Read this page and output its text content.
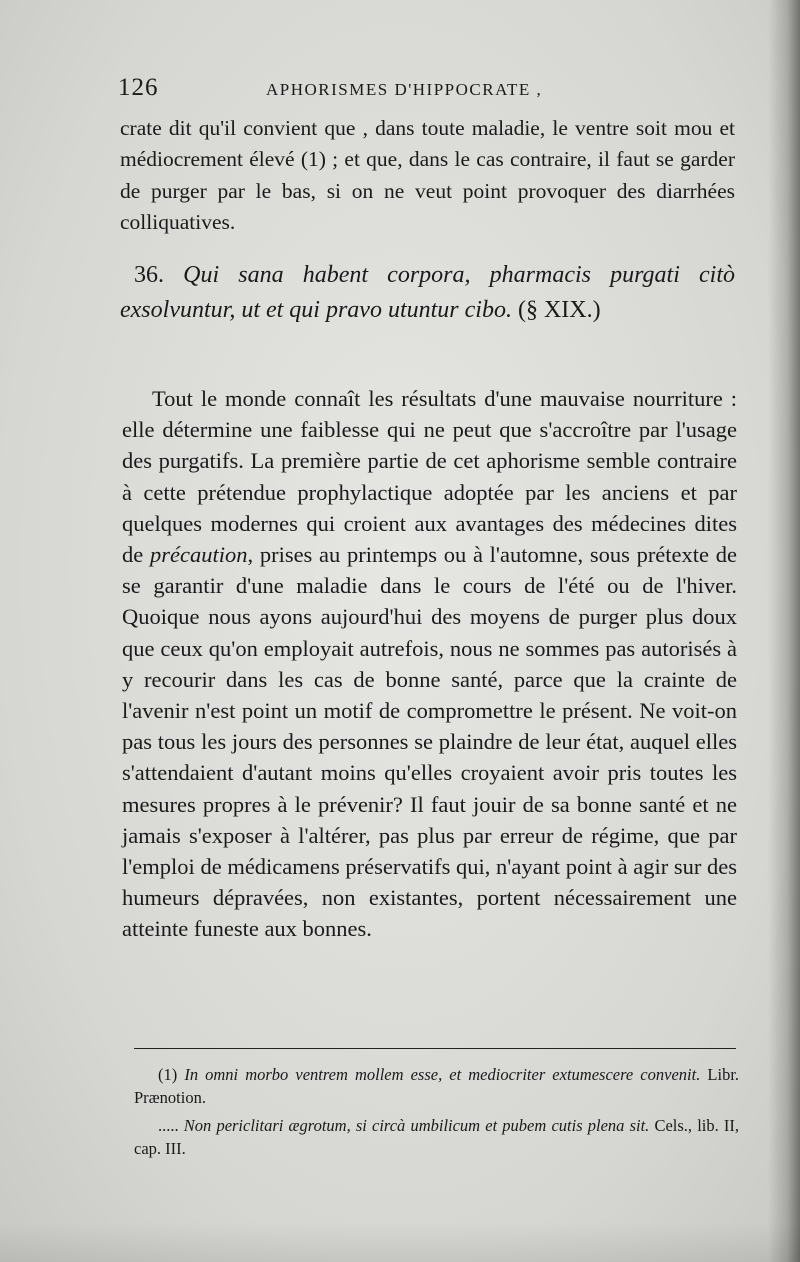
126	APHORISMES D'HIPPOCRATE ,
crate dit qu'il convient que , dans toute maladie, le ventre soit mou et médiocrement élevé (1) ; et que, dans le cas contraire, il faut se garder de purger par le bas, si on ne veut point provoquer des diarrhées colliquatives.
36. Qui sana habent corpora, pharmacis purgati citò exsolvuntur, ut et qui pravo utuntur cibo. (§ XIX.)
Tout le monde connaît les résultats d'une mauvaise nourriture : elle détermine une faiblesse qui ne peut que s'accroître par l'usage des purgatifs. La première partie de cet aphorisme semble contraire à cette prétendue prophylactique adoptée par les anciens et par quelques modernes qui croient aux avantages des médecines dites de précaution, prises au printemps ou à l'automne, sous prétexte de se garantir d'une maladie dans le cours de l'été ou de l'hiver. Quoique nous ayons aujourd'hui des moyens de purger plus doux que ceux qu'on employait autrefois, nous ne sommes pas autorisés à y recourir dans les cas de bonne santé, parce que la crainte de l'avenir n'est point un motif de compromettre le présent. Ne voit-on pas tous les jours des personnes se plaindre de leur état, auquel elles s'attendaient d'autant moins qu'elles croyaient avoir pris toutes les mesures propres à le prévenir? Il faut jouir de sa bonne santé et ne jamais s'exposer à l'altérer, pas plus par erreur de régime, que par l'emploi de médicamens préservatifs qui, n'ayant point à agir sur des humeurs dépravées, non existantes, portent nécessairement une atteinte funeste aux bonnes.

(1) In omni morbo ventrem mollem esse, et mediocriter extumescere convenit. Libr. Prænotion.

..... Non periclitari ægrotum, si circà umbilicum et pubem cutis plena sit. Cels., lib. II, cap. III.
